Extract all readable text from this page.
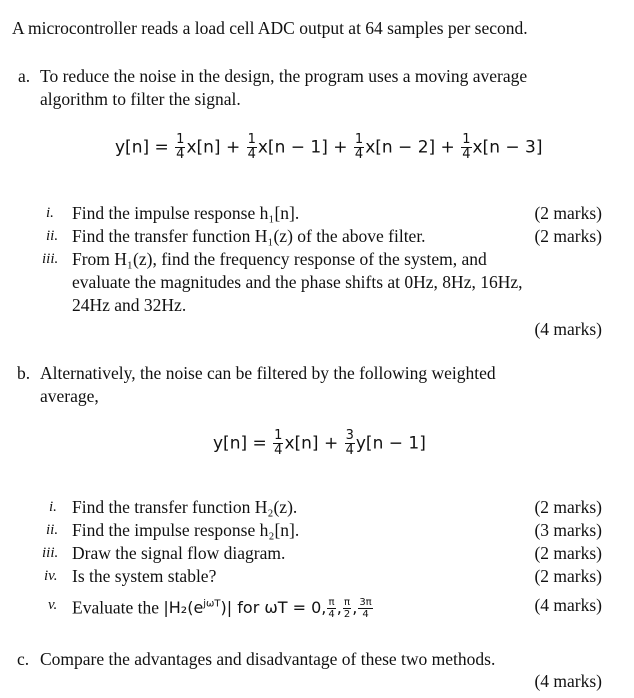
A microcontroller reads a load cell ADC output at 64 samples per second.
a. To reduce the noise in the design, the program uses a moving average
algorithm to filter the signal.
$y[n] = \frac{1}{4} x[n] + \frac{1}{4} x[n - 1] + \frac{1}{4} x[n - 2] + \frac{1}{4} x[n - 3]$
i. Find the impulse response h₁[n].	(2 marks)
ii. Find the transfer function H₁(z) of the above filter.	(2 marks)
iii. From H₁(z), find the frequency response of the system, and
evaluate the magnitudes and the phase shifts at 0Hz, 8Hz, 16Hz,
24Hz and 32Hz.
(4 marks)
b. Alternatively, the noise can be filtered by the following weighted
average,
$y[n] = \frac{1}{4} x[n] + \frac{3}{4} y[n - 1]$
i. Find the transfer function H₂(z).	(2 marks)
ii. Find the impulse response h₂[n].	(3 marks)
iii. Draw the signal flow diagram.	(2 marks)
iv. Is the system stable?	(2 marks)
v. Evaluate the $|H_2(e^{j\omega T})|$ for ωT = 0, $\frac{\pi}{4}$ , $\frac{\pi}{2}$ , $\frac{3\pi}{4}$	(4 marks)
c. Compare the advantages and disadvantage of these two methods.
(4 marks)
